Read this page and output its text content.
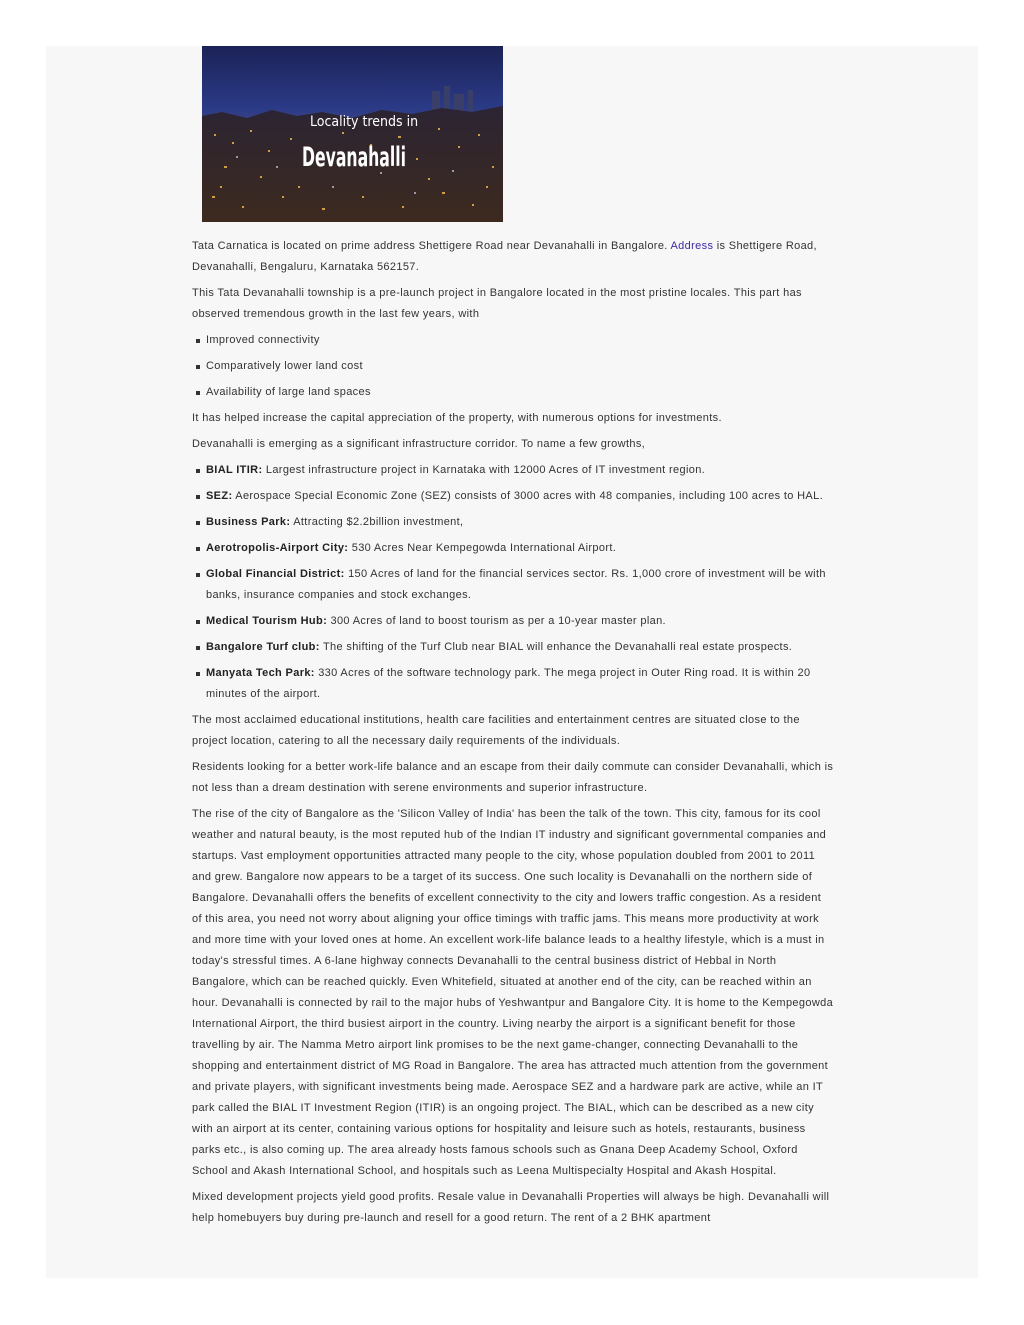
Locality trends in
Devanahalli

Tata Carnatica is located on prime address Shettigere Road near Devanahalli in Bangalore. Address is Shettigere Road, Devanahalli, Bengaluru, Karnataka 562157.

This Tata Devanahalli township is a pre-launch project in Bangalore located in the most pristine locales. This part has observed tremendous growth in the last few years, with

Improved connectivity
Comparatively lower land cost
Availability of large land spaces

It has helped increase the capital appreciation of the property, with numerous options for investments.

Devanahalli is emerging as a significant infrastructure corridor. To name a few growths,

BIAL ITIR: Largest infrastructure project in Karnataka with 12000 Acres of IT investment region.
SEZ: Aerospace Special Economic Zone (SEZ) consists of 3000 acres with 48 companies, including 100 acres to HAL.
Business Park: Attracting $2.2billion investment,
Aerotropolis-Airport City: 530 Acres Near Kempegowda International Airport.
Global Financial District: 150 Acres of land for the financial services sector. Rs. 1,000 crore of investment will be with banks, insurance companies and stock exchanges.
Medical Tourism Hub: 300 Acres of land to boost tourism as per a 10-year master plan.
Bangalore Turf club: The shifting of the Turf Club near BIAL will enhance the Devanahalli real estate prospects.
Manyata Tech Park: 330 Acres of the software technology park. The mega project in Outer Ring road. It is within 20 minutes of the airport.

The most acclaimed educational institutions, health care facilities and entertainment centres are situated close to the project location, catering to all the necessary daily requirements of the individuals.

Residents looking for a better work-life balance and an escape from their daily commute can consider Devanahalli, which is not less than a dream destination with serene environments and superior infrastructure.

The rise of the city of Bangalore as the 'Silicon Valley of India' has been the talk of the town. This city, famous for its cool weather and natural beauty, is the most reputed hub of the Indian IT industry and significant governmental companies and startups. Vast employment opportunities attracted many people to the city, whose population doubled from 2001 to 2011 and grew. Bangalore now appears to be a target of its success. One such locality is Devanahalli on the northern side of Bangalore. Devanahalli offers the benefits of excellent connectivity to the city and lowers traffic congestion. As a resident of this area, you need not worry about aligning your office timings with traffic jams. This means more productivity at work and more time with your loved ones at home. An excellent work-life balance leads to a healthy lifestyle, which is a must in today's stressful times. A 6-lane highway connects Devanahalli to the central business district of Hebbal in North Bangalore, which can be reached quickly. Even Whitefield, situated at another end of the city, can be reached within an hour. Devanahalli is connected by rail to the major hubs of Yeshwantpur and Bangalore City. It is home to the Kempegowda International Airport, the third busiest airport in the country. Living nearby the airport is a significant benefit for those travelling by air. The Namma Metro airport link promises to be the next game-changer, connecting Devanahalli to the shopping and entertainment district of MG Road in Bangalore. The area has attracted much attention from the government and private players, with significant investments being made. Aerospace SEZ and a hardware park are active, while an IT park called the BIAL IT Investment Region (ITIR) is an ongoing project. The BIAL, which can be described as a new city with an airport at its center, containing various options for hospitality and leisure such as hotels, restaurants, business parks etc., is also coming up. The area already hosts famous schools such as Gnana Deep Academy School, Oxford School and Akash International School, and hospitals such as Leena Multispecialty Hospital and Akash Hospital.

Mixed development projects yield good profits. Resale value in Devanahalli Properties will always be high. Devanahalli will help homebuyers buy during pre-launch and resell for a good return. The rent of a 2 BHK apartment
